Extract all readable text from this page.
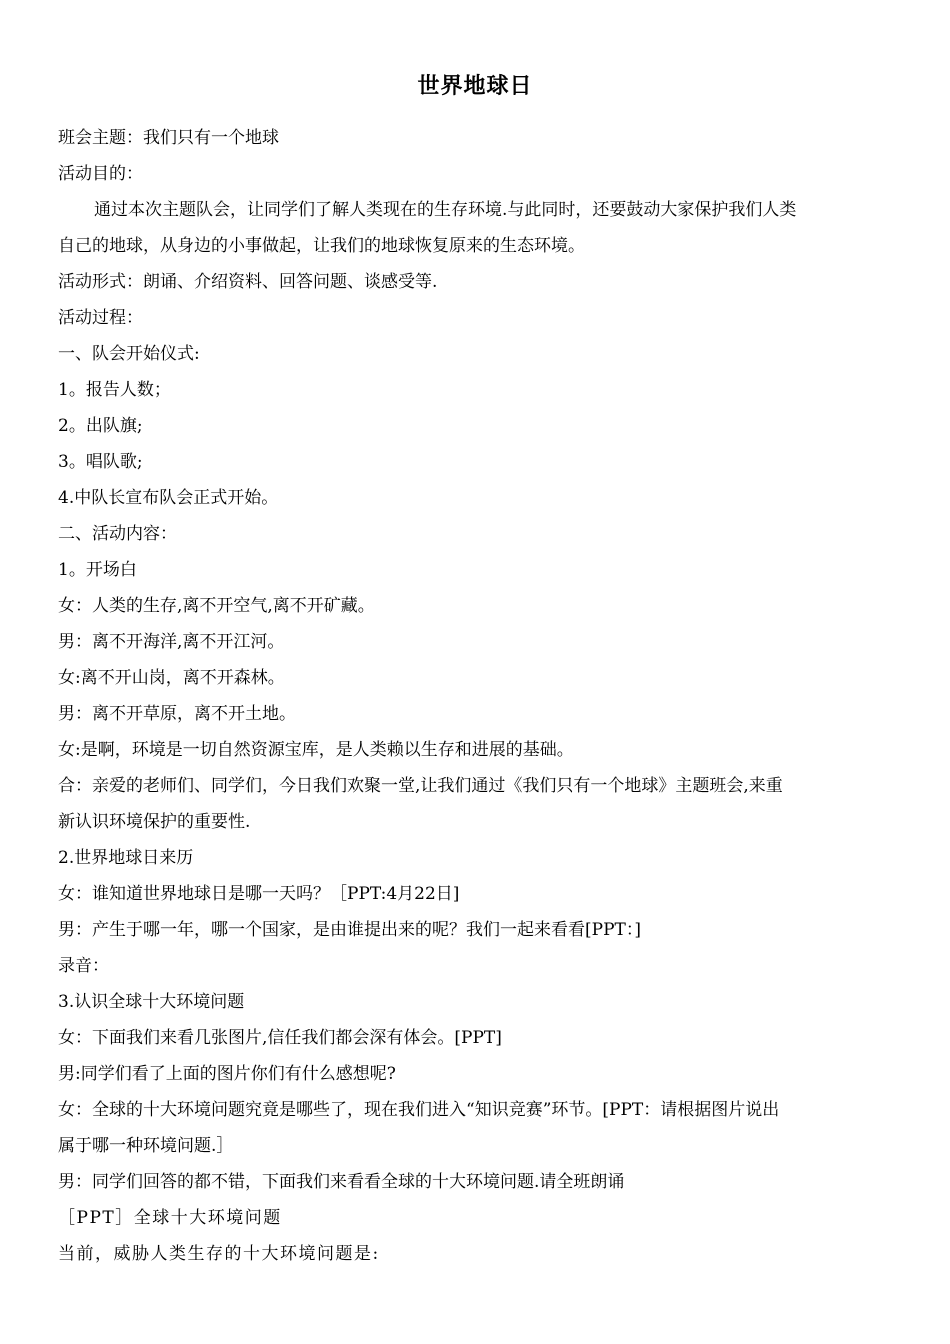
世界地球日
班会主题：我们只有一个地球
活动目的：
通过本次主题队会，让同学们了解人类现在的生存环境.与此同时，还要鼓动大家保护我们人类
自己的地球，从身边的小事做起，让我们的地球恢复原来的生态环境。
活动形式：朗诵、介绍资料、回答问题、谈感受等.
活动过程：
一、队会开始仪式:
1。报告人数；
2。出队旗;
3。唱队歌;
4.中队长宣布队会正式开始。
二、活动内容：
1。开场白
女：人类的生存,离不开空气,离不开矿藏。
男：离不开海洋,离不开江河。
女:离不开山岗，离不开森林。
男：离不开草原，离不开土地。
女:是啊，环境是一切自然资源宝库，是人类赖以生存和进展的基础。
合：亲爱的老师们、同学们，今日我们欢聚一堂,让我们通过《我们只有一个地球》主题班会,来重
新认识环境保护的重要性.
2.世界地球日来历
女：谁知道世界地球日是哪一天吗？［PPT:4月22日]
男：产生于哪一年，哪一个国家，是由谁提出来的呢？我们一起来看看[PPT：]
录音：
3.认识全球十大环境问题
女：下面我们来看几张图片,信任我们都会深有体会。[PPT]
男:同学们看了上面的图片你们有什么感想呢?
女：全球的十大环境问题究竟是哪些了，现在我们进入“知识竞赛”环节。[PPT：请根据图片说出
属于哪一种环境问题.］
男：同学们回答的都不错，下面我们来看看全球的十大环境问题.请全班朗诵
［PPT］全球十大环境问题
当前，威胁人类生存的十大环境问题是:
